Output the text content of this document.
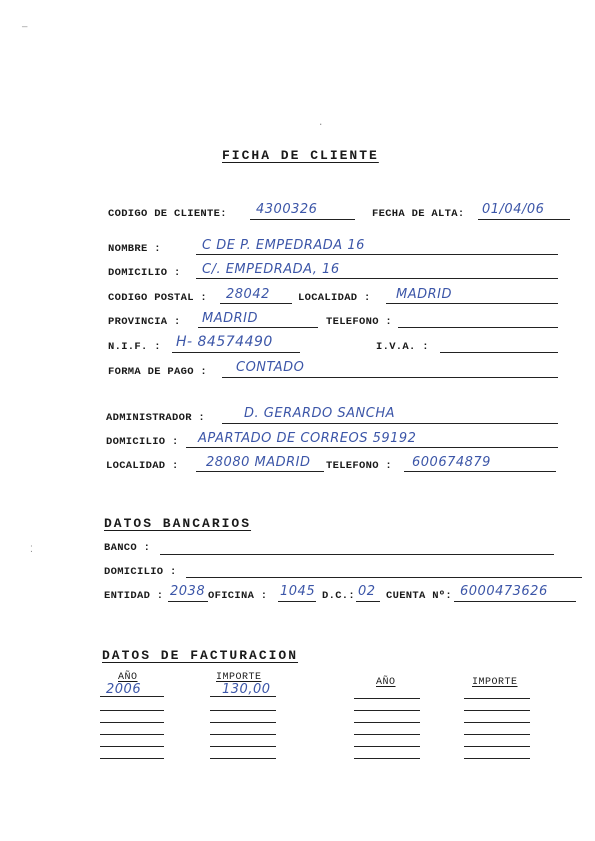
—
⁚
·
FICHA DE CLIENTE
CODIGO DE CLIENTE: 4300326	FECHA DE ALTA: 01/04/06
NOMBRE :	C DE P. EMPEDRADA 16
DOMICILIO : C/. EMPEDRADA, 16
CODIGO POSTAL : 28042	LOCALIDAD : MADRID
PROVINCIA : MADRID	TELEFONO :
N.I.F. : H- 84574490	I.V.A. :
FORMA DE PAGO : CONTADO
ADMINISTRADOR :	D. GERARDO SANCHA
DOMICILIO : APARTADO DE CORREOS 59192
LOCALIDAD : 28080 MADRID TELEFONO : 600674879
DATOS BANCARIOS
BANCO :
DOMICILIO :
ENTIDAD : 2038 OFICINA : 1045 D.C.: 02 CUENTA Nº: 6000473626
DATOS DE FACTURACION
AÑO	IMPORTE	AÑO	IMPORTE
2006	130,00
